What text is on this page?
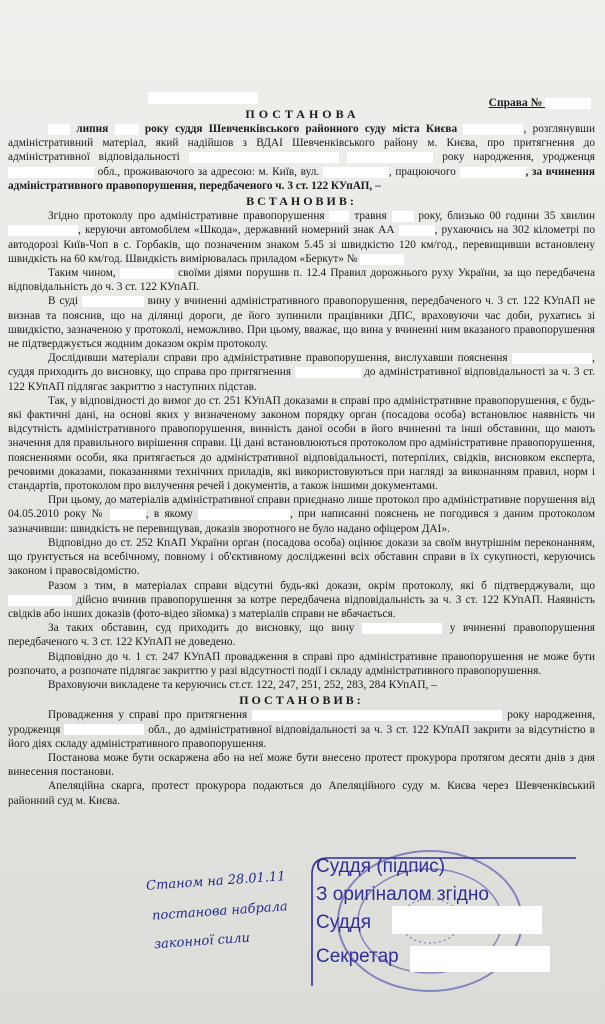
Справа №
ПОСТАНОВА

липня	року суддя Шевченківського районного суду міста Києва	, розглянувши адміністративний матеріал, який надійшов з ВДАІ Шевченківського району м. Києва, про притягнення до адміністративної відповідальності	року народження, уродженця  обл., проживаючого за адресою: м. Київ, вул.	, працюючого	, за вчинення адміністративного правопорушення, передбаченого ч. 3 ст. 122 КУпАП, –

ВСТАНОВИВ:

Згідно протоколу про адміністративне правопорушення	травня	року, близько 00 години 35 хвилин , керуючи автомобілем «Шкода», державний номерний знак АА	, рухаючись на 302 кілометрі по автодорозі Київ-Чоп в с. Горбаків, що позначеним знаком 5.45 зі швидкістю 120 км/год., перевищивши встановлену швидкість на 60 км/год. Швидкість вимірювалась приладом «Беркут» №

Таким чином,	своїми діями порушив п. 12.4 Правил дорожнього руху України, за що передбачена відповідальність до ч. 3 ст. 122 КУпАП.

В суді	вину у вчиненні адміністративного правопорушення, передбаченого ч. 3 ст. 122 КУпАП не визнав та пояснив, що на ділянці дороги, де його зупинили працівники ДПС, враховуючи час доби, рухатись зі швидкістю, зазначеною у протоколі, неможливо. При цьому, вважає, що вина у вчиненні ним вказаного правопорушення не підтверджується жодним доказом окрім протоколу.

Дослідивши матеріали справи про адміністративне правопорушення, вислухавши пояснення	, суддя приходить до висновку, що справа про притягнення	до адміністративної відповідальності за ч. 3 ст. 122 КУпАП підлягає закриттю з наступних підстав.

Так, у відповідності до вимог до ст. 251 КУпАП доказами в справі про адміністративне правопорушення, є будь-які фактичні дані, на основі яких у визначеному законом порядку орган (посадова особа) встановлює наявність чи відсутність адміністративного правопорушення, винність даної особи в його вчиненні та інші обставини, що мають значення для правильного вирішення справи. Ці дані встановлюються протоколом про адміністративне правопорушення, поясненнями особи, яка притягається до адміністративної відповідальності, потерпілих, свідків, висновком експерта, речовими доказами, показаннями технічних приладів, які використовуються при нагляді за виконанням правил, норм і стандартів, протоколом про вилучення речей і документів, а також іншими документами.

При цьому, до матеріалів адміністративної справи приєднано лише протокол про адміністративне порушення від 04.05.2010 року №	, в якому	, при написанні пояснень не погодився з даним протоколом зазначивши: швидкість не перевищував, доказів зворотного не було надано офіцером ДАІ».

Відповідно до ст. 252 КпАП України орган (посадова особа) оцінює докази за своїм внутрішнім переконанням, що ґрунтується на всебічному, повному і об'єктивному дослідженні всіх обставин справи в їх сукупності, керуючись законом і правосвідомістю.

Разом з тим, в матеріалах справи відсутні будь-які докази, окрім протоколу, які б підтверджували, що  дійсно вчинив правопорушення за котре передбачена відповідальність за ч. 3 ст. 122 КУпАП. Наявність свідків або інших доказів (фото-відео зйомка) з матеріалів справи не вбачається.

За таких обставин, суд приходить до висновку, що вину	у вчиненні правопорушення передбаченого ч. 3 ст. 122 КУпАП не доведено.

Відповідно до ч. 1 ст. 247 КУпАП провадження в справі про адміністративне правопорушення не може бути розпочато, а розпочате підлягає закриттю у разі відсутності події і складу адміністративного правопорушення.

Враховуючи викладене та керуючись ст.ст. 122, 247, 251, 252, 283, 284 КУпАП, –

ПОСТАНОВИВ:

Провадження у справі про притягнення	року народження, уродженця	обл., до адміністративної відповідальності за ч. 3 ст. 122 КУпАП закрити за відсутністю в його діях складу адміністративного правопорушення.

Постанова може бути оскаржена або на неї може бути внесено протест прокурора протягом десяти днів з дня винесення постанови.

Апеляційна скарга, протест прокурора подаються до Апеляційного суду м. Києва через Шевченківський районний суд м. Києва.

Суддя (підпис)
З оригіналом згідно
Суддя
Секретар
Станом на 28.01.11
постанова набрала
законної сили
